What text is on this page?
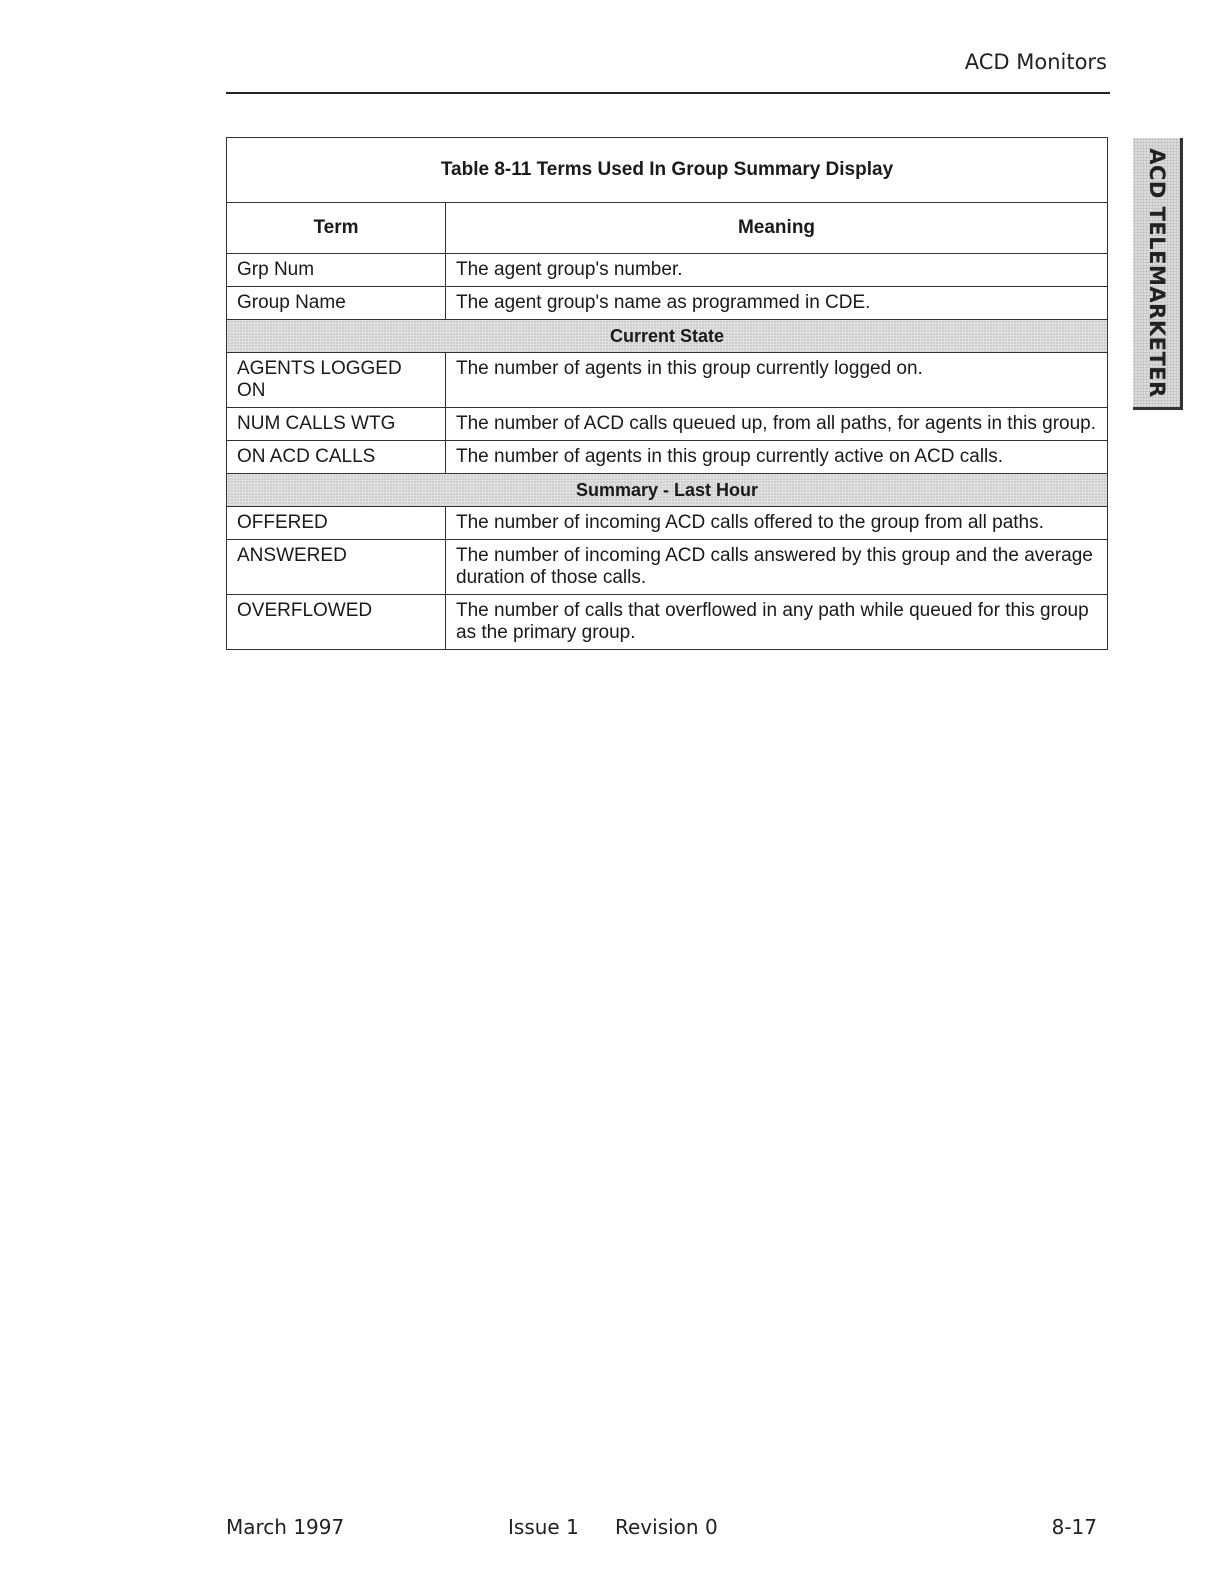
ACD Monitors
ACD TELEMARKETER
Table 8-11 Terms Used In Group Summary Display	
Term	Meaning
Grp Num	The agent group's number.
Group Name	The agent group's name as programmed in CDE.
Current State	
AGENTS LOGGED ON	The number of agents in this group currently logged on.
NUM CALLS WTG	The number of ACD calls queued up, from all paths, for agents in this group.
ON ACD CALLS	The number of agents in this group currently active on ACD calls.
Summary - Last Hour	
OFFERED	The number of incoming ACD calls offered to the group from all paths.
ANSWERED	The number of incoming ACD calls answered by this group and the average duration of those calls.
OVERFLOWED	The number of calls that overflowed in any path while queued for this group as the primary group.
March 1997	Issue 1 Revision 0	8-17
